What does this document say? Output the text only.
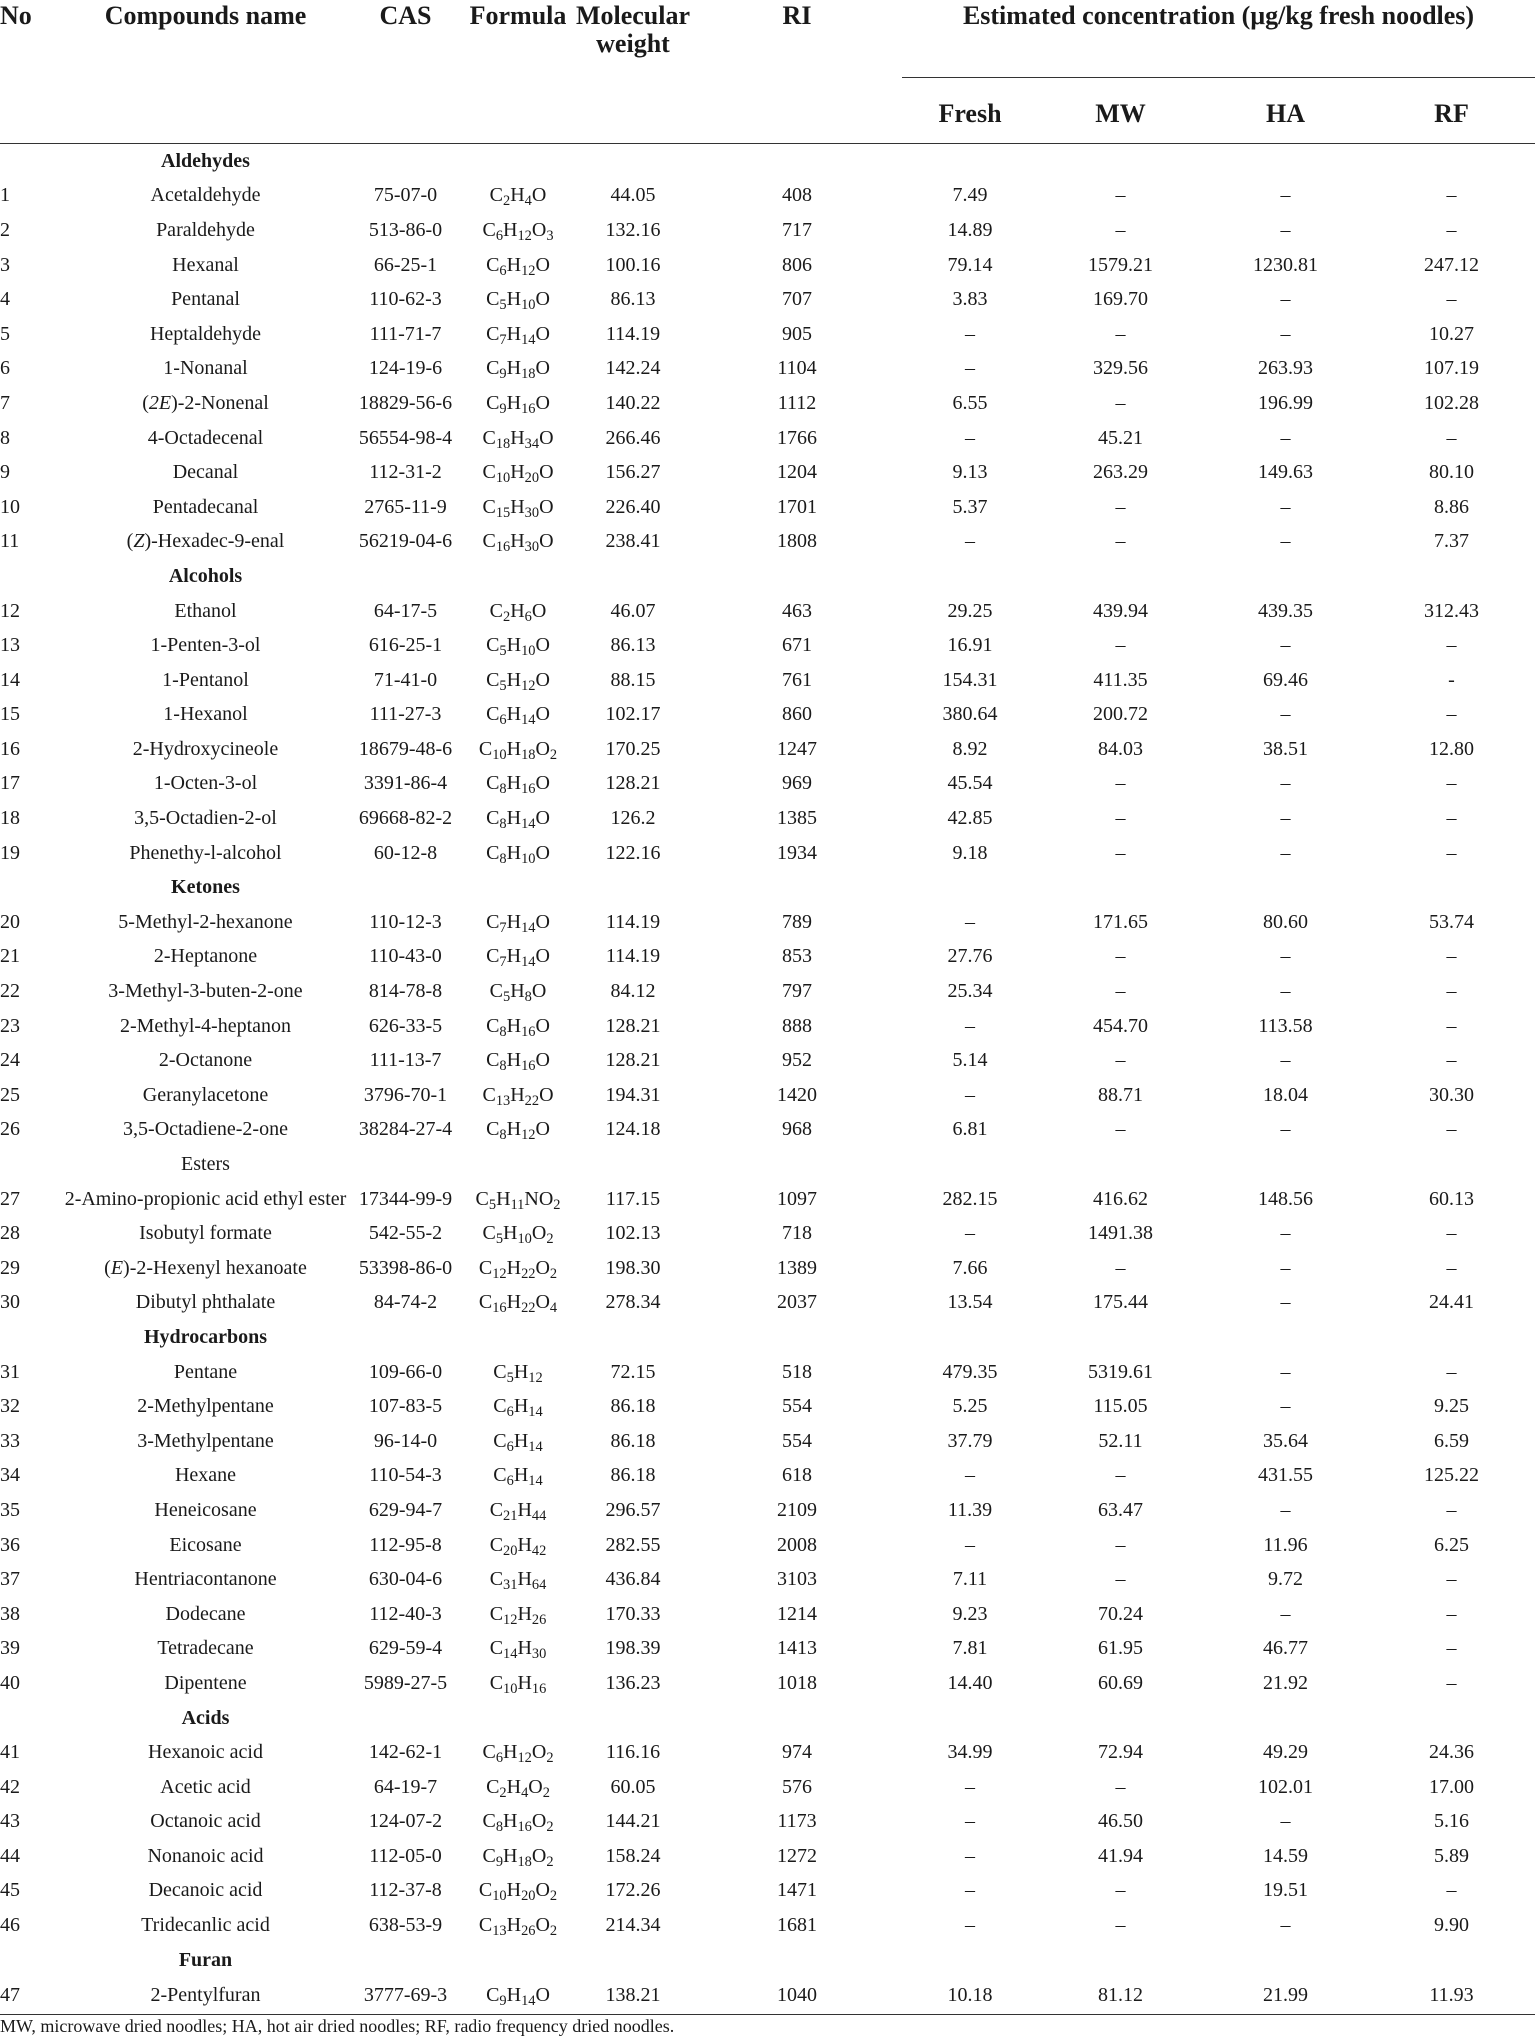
No	Compounds name	CAS	Formula	Molecular weight	RI	Estimated concentration (μg/kg fresh noodles)			
						Fresh	MW	HA	RF
	Aldehydes								
1	Acetaldehyde	75-07-0	$C_2H_4O$	44.05	408	7.49	–	–	–
2	Paraldehyde	513-86-0	$C_6H_{12}O_3$	132.16	717	14.89	–	–	–
3	Hexanal	66-25-1	$C_6H_{12}O$	100.16	806	79.14	1579.21	1230.81	247.12
4	Pentanal	110-62-3	$C_5H_{10}O$	86.13	707	3.83	169.70	–	–
5	Heptaldehyde	111-71-7	$C_7H_{14}O$	114.19	905	–	–	–	10.27
6	1-Nonanal	124-19-6	$C_9H_{18}O$	142.24	1104	–	329.56	263.93	107.19
7	(2E)-2-Nonenal	18829-56-6	$C_9H_{16}O$	140.22	1112	6.55	–	196.99	102.28
8	4-Octadecenal	56554-98-4	$C_{18}H_{34}O$	266.46	1766	–	45.21	–	–
9	Decanal	112-31-2	$C_{10}H_{20}O$	156.27	1204	9.13	263.29	149.63	80.10
10	Pentadecanal	2765-11-9	$C_{15}H_{30}O$	226.40	1701	5.37	–	–	8.86
11	(Z)-Hexadec-9-enal	56219-04-6	$C_{16}H_{30}O$	238.41	1808	–	–	–	7.37
	Alcohols								
12	Ethanol	64-17-5	$C_2H_6O$	46.07	463	29.25	439.94	439.35	312.43
13	1-Penten-3-ol	616-25-1	$C_5H_{10}O$	86.13	671	16.91	–	–	–
14	1-Pentanol	71-41-0	$C_5H_{12}O$	88.15	761	154.31	411.35	69.46	-
15	1-Hexanol	111-27-3	$C_6H_{14}O$	102.17	860	380.64	200.72	–	–
16	2-Hydroxycineole	18679-48-6	$C_{10}H_{18}O_2$	170.25	1247	8.92	84.03	38.51	12.80
17	1-Octen-3-ol	3391-86-4	$C_8H_{16}O$	128.21	969	45.54	–	–	–
18	3,5-Octadien-2-ol	69668-82-2	$C_8H_{14}O$	126.2	1385	42.85	–	–	–
19	Phenethy-l-alcohol	60-12-8	$C_8H_{10}O$	122.16	1934	9.18	–	–	–
	Ketones								
20	5-Methyl-2-hexanone	110-12-3	$C_7H_{14}O$	114.19	789	–	171.65	80.60	53.74
21	2-Heptanone	110-43-0	$C_7H_{14}O$	114.19	853	27.76	–	–	–
22	3-Methyl-3-buten-2-one	814-78-8	$C_5H_8O$	84.12	797	25.34	–	–	–
23	2-Methyl-4-heptanon	626-33-5	$C_8H_{16}O$	128.21	888	–	454.70	113.58	–
24	2-Octanone	111-13-7	$C_8H_{16}O$	128.21	952	5.14	–	–	–
25	Geranylacetone	3796-70-1	$C_{13}H_{22}O$	194.31	1420	–	88.71	18.04	30.30
26	3,5-Octadiene-2-one	38284-27-4	$C_8H_{12}O$	124.18	968	6.81	–	–	–
	Esters								
27	2-Amino-propionic acid ethyl ester	17344-99-9	$C_5H_{11}NO_2$	117.15	1097	282.15	416.62	148.56	60.13
28	Isobutyl formate	542-55-2	$C_5H_{10}O_2$	102.13	718	–	1491.38	–	–
29	(E)-2-Hexenyl hexanoate	53398-86-0	$C_{12}H_{22}O_2$	198.30	1389	7.66	–	–	–
30	Dibutyl phthalate	84-74-2	$C_{16}H_{22}O_4$	278.34	2037	13.54	175.44	–	24.41
	Hydrocarbons								
31	Pentane	109-66-0	$C_5H_{12}$	72.15	518	479.35	5319.61	–	–
32	2-Methylpentane	107-83-5	$C_6H_{14}$	86.18	554	5.25	115.05	–	9.25
33	3-Methylpentane	96-14-0	$C_6H_{14}$	86.18	554	37.79	52.11	35.64	6.59
34	Hexane	110-54-3	$C_6H_{14}$	86.18	618	–	–	431.55	125.22
35	Heneicosane	629-94-7	$C_{21}H_{44}$	296.57	2109	11.39	63.47	–	–
36	Eicosane	112-95-8	$C_{20}H_{42}$	282.55	2008	–	–	11.96	6.25
37	Hentriacontanone	630-04-6	$C_{31}H_{64}$	436.84	3103	7.11	–	9.72	–
38	Dodecane	112-40-3	$C_{12}H_{26}$	170.33	1214	9.23	70.24	–	–
39	Tetradecane	629-59-4	$C_{14}H_{30}$	198.39	1413	7.81	61.95	46.77	–
40	Dipentene	5989-27-5	$C_{10}H_{16}$	136.23	1018	14.40	60.69	21.92	–
	Acids								
41	Hexanoic acid	142-62-1	$C_6H_{12}O_2$	116.16	974	34.99	72.94	49.29	24.36
42	Acetic acid	64-19-7	$C_2H_4O_2$	60.05	576	–	–	102.01	17.00
43	Octanoic acid	124-07-2	$C_8H_{16}O_2$	144.21	1173	–	46.50	–	5.16
44	Nonanoic acid	112-05-0	$C_9H_{18}O_2$	158.24	1272	–	41.94	14.59	5.89
45	Decanoic acid	112-37-8	$C_{10}H_{20}O_2$	172.26	1471	–	–	19.51	–
46	Tridecanlic acid	638-53-9	$C_{13}H_{26}O_2$	214.34	1681	–	–	–	9.90
	Furan								
47	2-Pentylfuran	3777-69-3	$C_9H_{14}O$	138.21	1040	10.18	81.12	21.99	11.93
MW, microwave dried noodles; HA, hot air dried noodles; RF, radio frequency dried noodles.
